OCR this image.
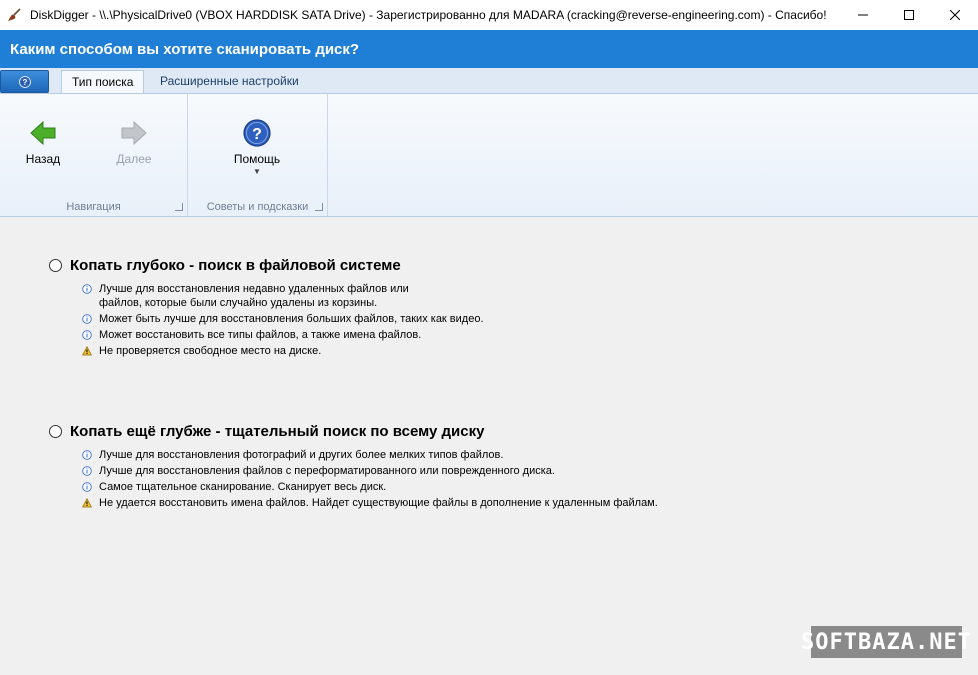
DiskDigger - \\.\PhysicalDrive0 (VBOX HARDDISK SATA Drive) - Зарегистрированно для MADARA (cracking@reverse-engineering.com) - Спасибо!
Каким способом вы хотите сканировать диск?
?	Тип поиска	Расширенные настройки
Назад	Далее
Навигация
?
Помощь
▼
Советы и подсказки
Копать глубоко - поиск в файловой системе
Лучше для восстановления недавно удаленных файлов или
файлов, которые были случайно удалены из корзины.
Может быть лучше для восстановления больших файлов, таких как видео.
Может восстановить все типы файлов, а также имена файлов.
Не проверяется свободное место на диске.
Копать ещё глубже - тщательный поиск по всему диску
Лучше для восстановления фотографий и других более мелких типов файлов.
Лучше для восстановления файлов с переформатированного или поврежденного диска.
Самое тщательное сканирование. Сканирует весь диск.
Не удается восстановить имена файлов. Найдет существующие файлы в дополнение к удаленным файлам.
SOFTBAZA.NET
